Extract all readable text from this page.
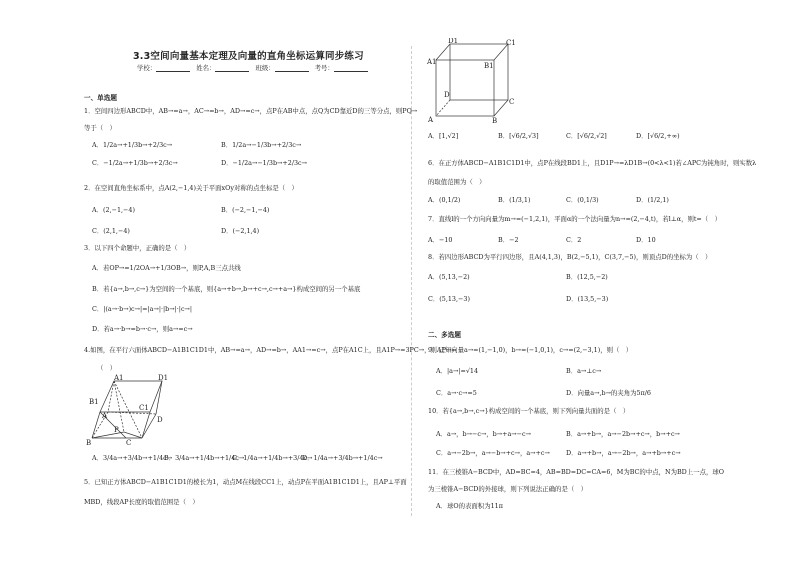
3.3空间向量基本定理及向量的直角坐标运算同步练习
学校：	姓名：	班级：	考号：
一、单选题
1．空间四边形ABCD中，AB→=a→，AC→=b→，AD→=c→，点P在AB中点，点Q为CD靠近D的三等分点，则PQ→
等于（　）
A．1/2a→+1/3b→+2/3c→	B．1/2a→−1/3b→+2/3c→
C．−1/2a→+1/3b→+2/3c→	D．−1/2a→−1/3b→+2/3c→
2．在空间直角坐标系中，点A(2,−1,4)关于平面xOy对称的点坐标是（　）
A．(2,−1,−4)	B．(−2,−1,−4)
C．(2,1,−4)	D．(−2,1,4)
3．以下四个命题中，正确的是（　）
A．若OP→=1/2OA→+1/3OB→，则P,A,B三点共线
B．若{a→,b→,c→}为空间的一个基底，则{a→+b→,b→+c→,c→+a→}构成空间的另一个基底
C．|(a→·b→)c→|=|a→|·|b→|·|c→|
D．若a→·b→=b→·c→，则a→=c→
4.如图，在平行六面体ABCD−A1B1C1D1中，AB→=a→，AD→=b→，AA1→=c→，点P在A1C上，且A1P→=3PC→，则AP→=
（　）
A1	D1
B1
C1
A	D
B	C
P
A．3/4a→+3/4b→+1/4c→
B．3/4a→+1/4b→+1/4c→
C．1/4a→+1/4b→+3/4c→
D．1/4a→+3/4b→+1/4c→
5．已知正方体ABCD−A1B1C1D1的棱长为1，动点M在线段CC1上，动点P在平面A1B1C1D1上，且AP⊥平面
MBD，线段AP长度的取值范围是（　）
D1	C1
A1	B1
D
C
A	B
A．[1,√2]	B．[√6/2,√3]	C．[√6/2,√2]	D．[√6/2,+∞)
6．在正方体ABCD−A1B1C1D1中，点P在线段BD1上，且D1P→=λD1B→(0<λ<1)若∠APC为钝角时，则实数λ
的取值范围为（　）
A．(0,1/2)	B．(1/3,1)	C．(0,1/3)	D．(1/2,1)
7．直线l的一个方向向量为m→=(−1,2,1)，平面α的一个法向量为n→=(2,−4,t)，若l⊥α，则t=（　）
A．−10	B．−2	C．2	D．10
8．若四边形ABCD为平行四边形，且A(4,1,3)，B(2,−5,1)，C(3,7,−5)，则顶点D的坐标为（　）
A．(5,13,−2)	B．(12,5,−2)
C．(5,13,−3)	D．(13,5,−3)
二、多选题
9．已知向量a→=(1,−1,0)，b→=(−1,0,1)，c→=(2,−3,1)，则（　）
A．|a→|=√14	B．a→⊥c→
C．a→·c→=5	D．向量a→,b→的夹角为5π/6
10．若{a→,b→,c→}构成空间的一个基底，则下列向量共面的是（　）
A．a→，b→−c→，b→+a→−c→	B．a→+b→，a→−2b→+c→，b→+c→
C．a→−2b→，a→−b→+c→，a→+c→	D．a→+b→，a→−2b→，a→+b→+c→
11．在三棱锥A−BCD中，AD=BC=4，AB=BD=DC=CA=6，M为BC的中点，N为BD上一点，球O
为三棱锥A−BCD的外接球，则下列说法正确的是（　）
A．球O的表面积为11π
